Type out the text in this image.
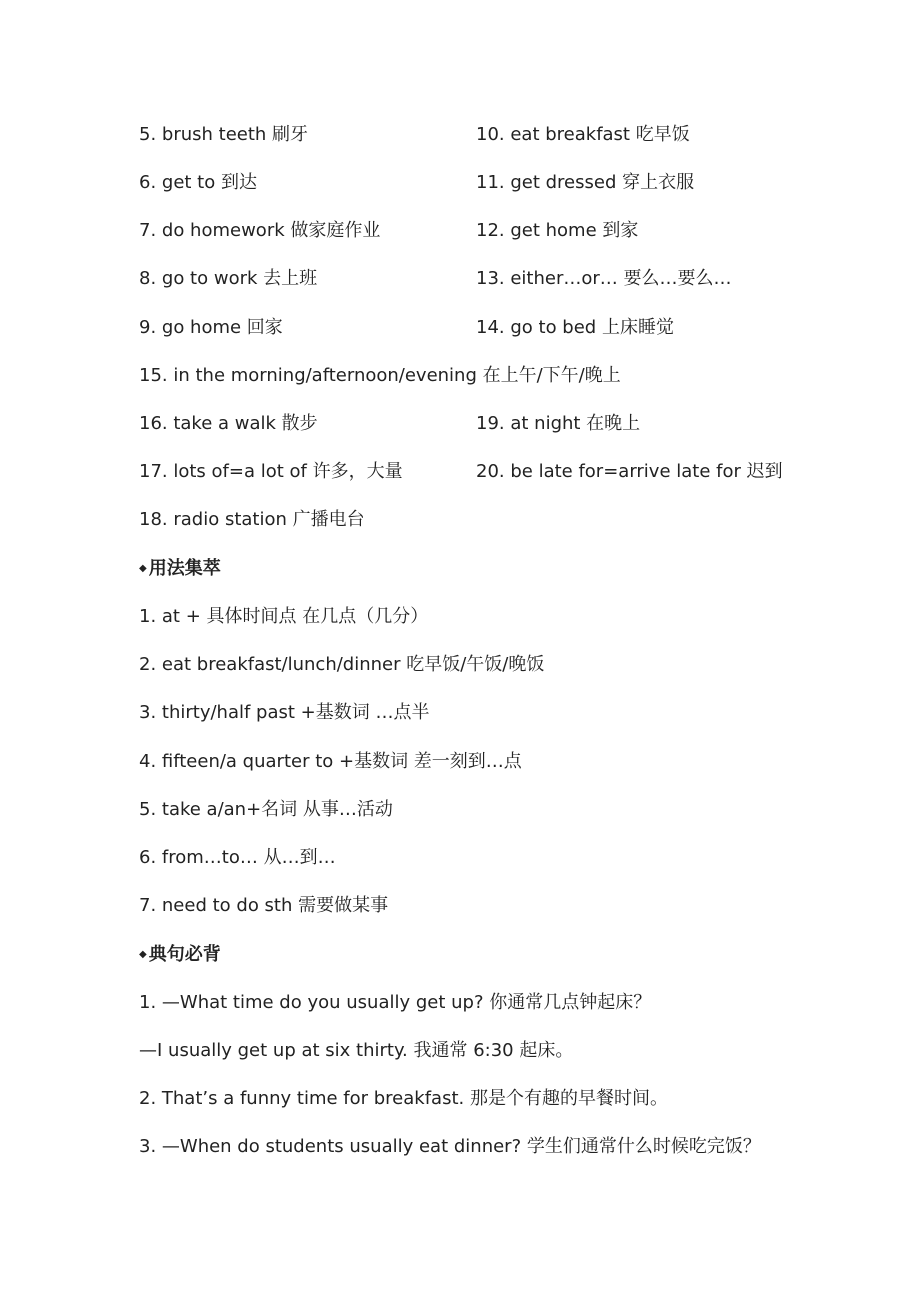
5. brush teeth 刷牙	10. eat breakfast 吃早饭
6. get to 到达	11. get dressed 穿上衣服
7. do homework 做家庭作业	12. get home 到家
8. go to work 去上班	13. either…or… 要么…要么…
9. go home 回家	14. go to bed 上床睡觉
15. in the morning/afternoon/evening 在上午/下午/晚上
16. take a walk 散步	19. at night 在晚上
17. lots of=a lot of 许多，大量	20. be late for=arrive late for 迟到
18. radio station 广播电台
◆ 用法集萃
1. at + 具体时间点 在几点（几分）
2. eat breakfast/lunch/dinner 吃早饭/午饭/晚饭
3. thirty/half past +基数词 …点半
4. fifteen/a quarter to +基数词 差一刻到…点
5. take a/an+名词 从事…活动
6. from…to… 从…到…
7. need to do sth 需要做某事
◆ 典句必背
1. —What time do you usually get up? 你通常几点钟起床？
—I usually get up at six thirty. 我通常 6:30 起床。
2. That’s a funny time for breakfast. 那是个有趣的早餐时间。
3. —When do students usually eat dinner? 学生们通常什么时候吃完饭？
